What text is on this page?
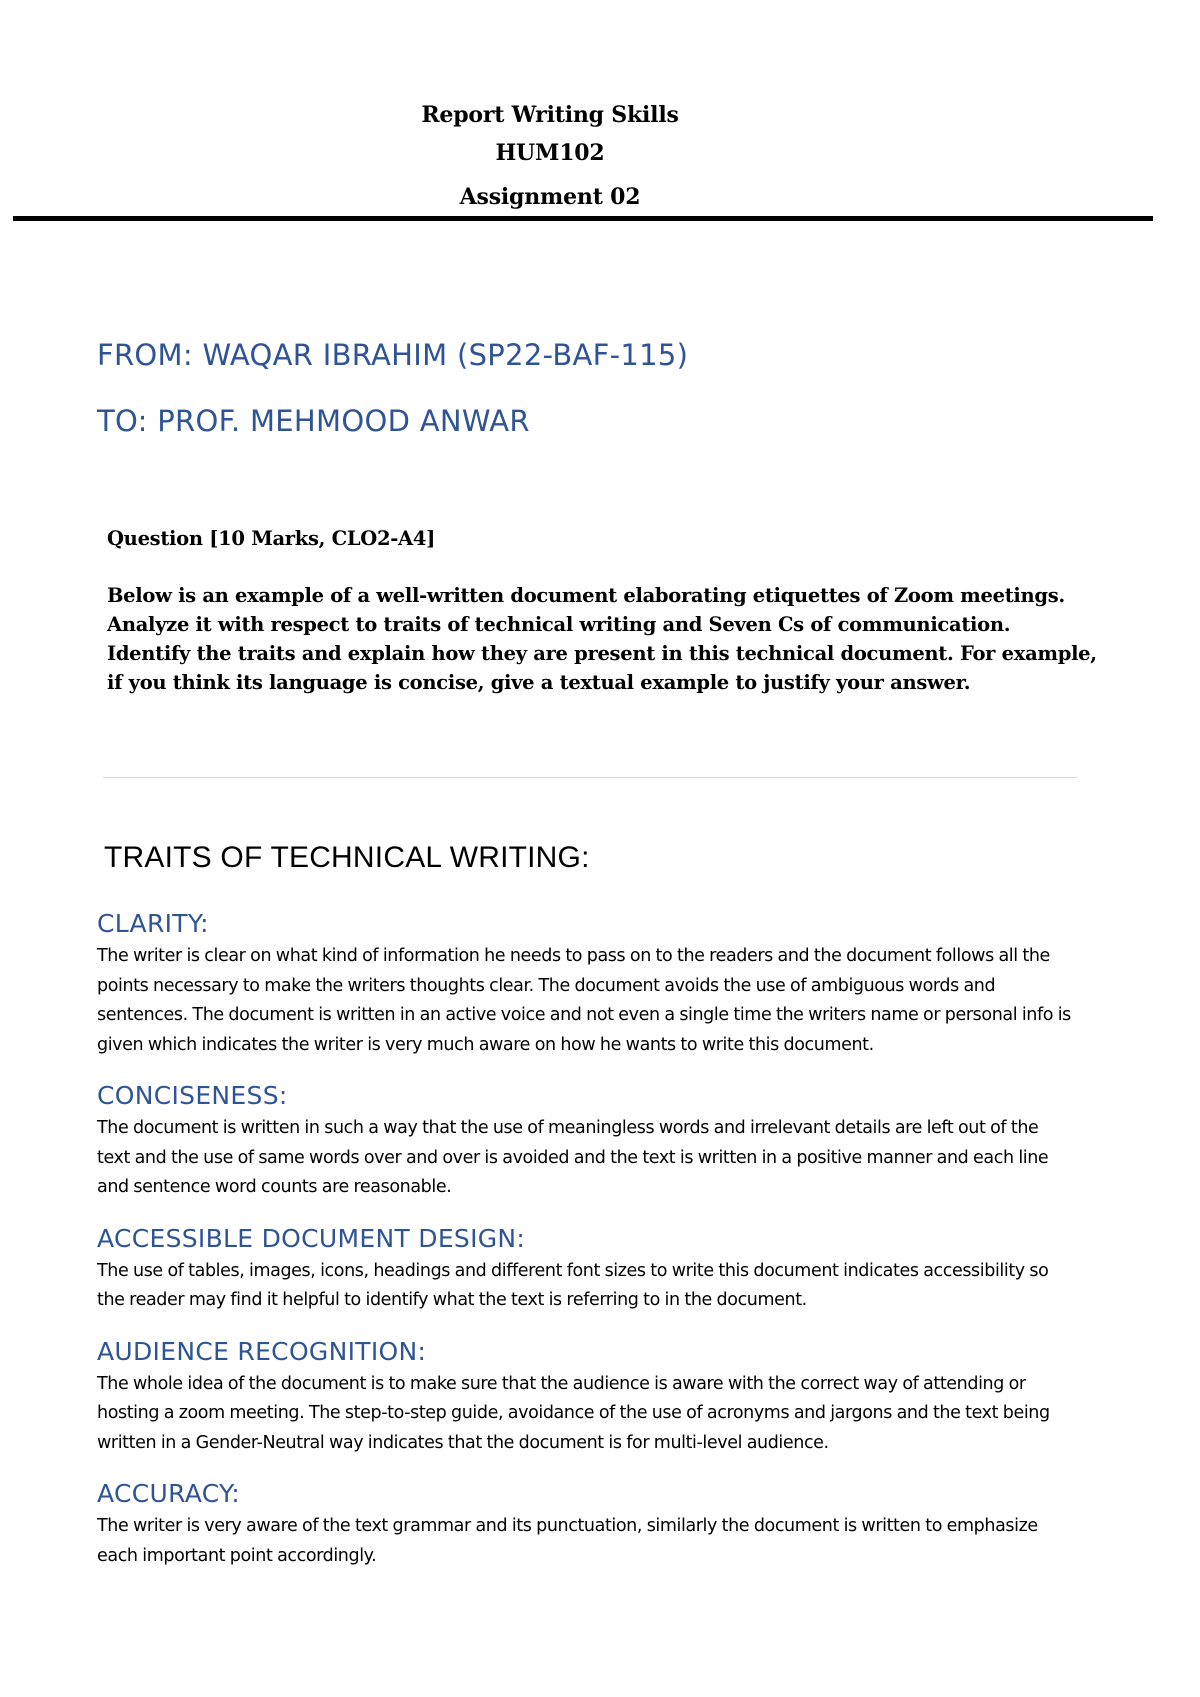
Report Writing Skills
HUM102
Assignment 02
FROM: WAQAR IBRAHIM (SP22-BAF-115)
TO: PROF. MEHMOOD ANWAR

Question [10 Marks, CLO2-A4]

Below is an example of a well-written document elaborating etiquettes of Zoom meetings.

Analyze it with respect to traits of technical writing and Seven Cs of communication.

Identify the traits and explain how they are present in this technical document. For example,

if you think its language is concise, give a textual example to justify your answer.

TRAITS OF TECHNICAL WRITING:
CLARITY:

The writer is clear on what kind of information he needs to pass on to the readers and the document follows all the

points necessary to make the writers thoughts clear. The document avoids the use of ambiguous words and

sentences. The document is written in an active voice and not even a single time the writers name or personal info is

given which indicates the writer is very much aware on how he wants to write this document.

CONCISENESS:

The document is written in such a way that the use of meaningless words and irrelevant details are left out of the

text and the use of same words over and over is avoided and the text is written in a positive manner and each line

and sentence word counts are reasonable.

ACCESSIBLE DOCUMENT DESIGN:

The use of tables, images, icons, headings and different font sizes to write this document indicates accessibility so

the reader may find it helpful to identify what the text is referring to in the document.

AUDIENCE RECOGNITION:

The whole idea of the document is to make sure that the audience is aware with the correct way of attending or

hosting a zoom meeting. The step-to-step guide, avoidance of the use of acronyms and jargons and the text being

written in a Gender-Neutral way indicates that the document is for multi-level audience.

ACCURACY:

The writer is very aware of the text grammar and its punctuation, similarly the document is written to emphasize

each important point accordingly.
